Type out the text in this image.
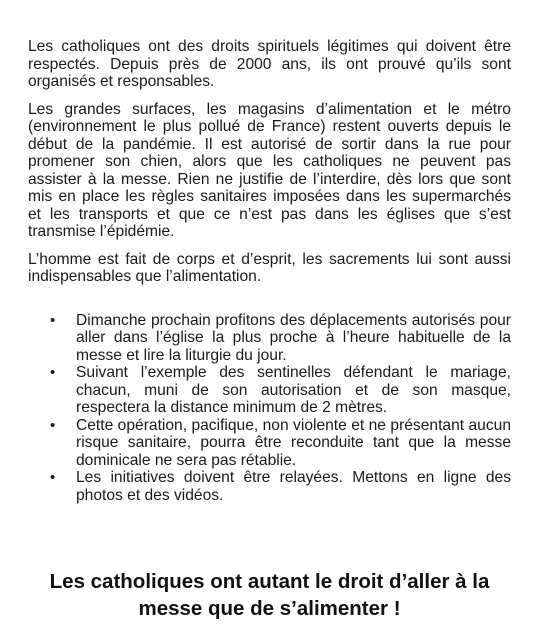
Les catholiques ont des droits spirituels légitimes qui doivent être respectés. Depuis près de 2000 ans, ils ont prouvé qu’ils sont organisés et responsables.

Les grandes surfaces, les magasins d’alimentation et le métro (environnement le plus pollué de France) restent ouverts depuis le début de la pandémie. Il est autorisé de sortir dans la rue pour promener son chien, alors que les catholiques ne peuvent pas assister à la messe. Rien ne justifie de l’interdire, dès lors que sont mis en place les règles sanitaires imposées dans les supermarchés et les transports et que ce n’est pas dans les églises que s’est transmise l’épidémie.

L’homme est fait de corps et d’esprit, les sacrements lui sont aussi indispensables que l’alimentation.

•	Dimanche prochain profitons des déplacements autorisés pour aller dans l’église la plus proche à l’heure habituelle de la messe et lire la liturgie du jour.
•	Suivant l’exemple des sentinelles défendant le mariage, chacun, muni de son autorisation et de son masque, respectera la distance minimum de 2 mètres.
•	Cette opération, pacifique, non violente et ne présentant aucun risque sanitaire, pourra être reconduite tant que la messe dominicale ne sera pas rétablie.
•	Les initiatives doivent être relayées. Mettons en ligne des photos et des vidéos.
Les catholiques ont autant le droit d’aller à la messe que de s’alimenter !
